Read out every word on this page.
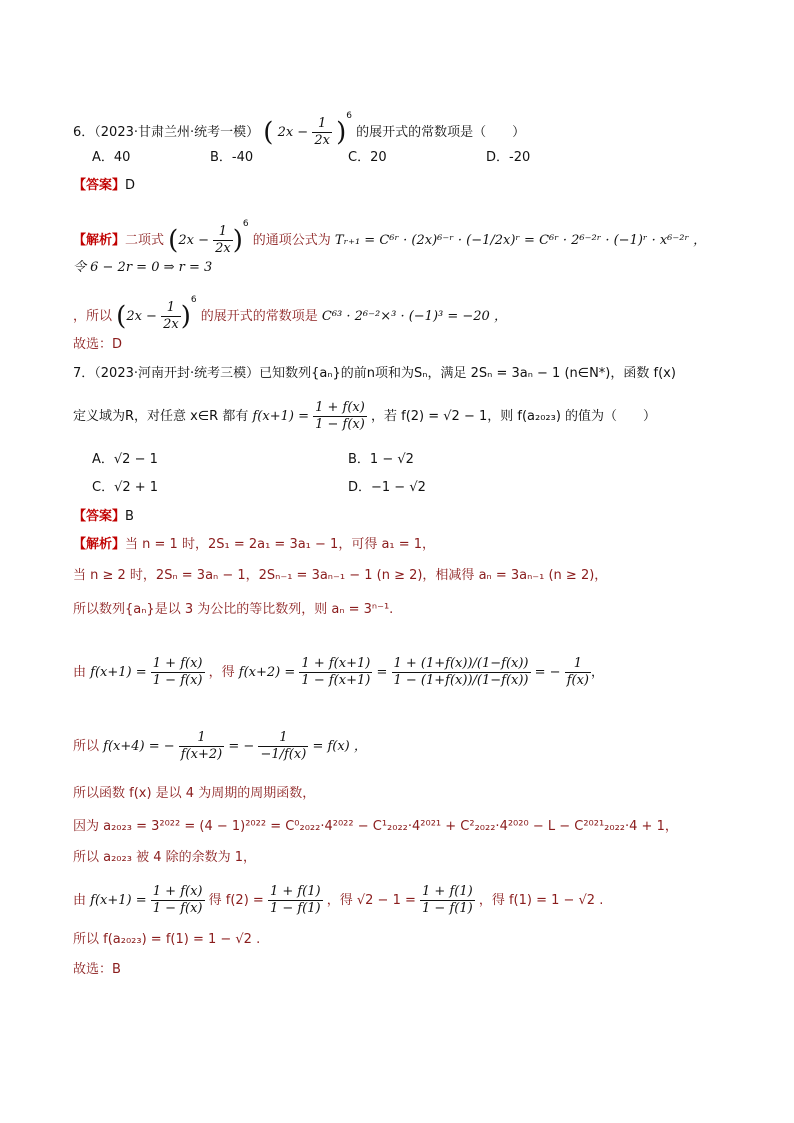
6．（2023·甘肃兰州·统考一模） ( $2x - \frac{1}{2x} )^6$ 的展开式的常数项是（　　）
A．40	B．-40	C．20	D．-20
【答案】D
【解析】二项式 $(2x - \frac{1}{2x} )^6$ 的通项公式为 Tᵣ₊₁ = C⁶ʳ · (2x)⁶⁻ʳ · (−1/2x)ʳ = C⁶ʳ · 2⁶⁻²ʳ · (−1)ʳ · x⁶⁻²ʳ ，
令 6 − 2r = 0 ⇒ r = 3
，所以 $(2x - \frac{1}{2x} )^6$ 的展开式的常数项是 C⁶³ · 2⁶⁻²×³ · (−1)³ = −20 ，
故选：D
7．（2023·河南开封·统考三模）已知数列{aₙ}的前n项和为Sₙ，满足 2Sₙ = 3aₙ − 1 (n∈N*)，函数 f(x)
定义域为R，对任意 x∈R 都有 $f(x+1) = \frac{1 + f(x)}{1 - f(x)}$ ，若 f(2) = √2 − 1，则 f(a₂₀₂₃) 的值为（　　）
A．√2 − 1	B．1 − √2
C．√2 + 1	D．−1 − √2
【答案】B
【解析】当 n = 1 时，2S₁ = 2a₁ = 3a₁ − 1，可得 a₁ = 1，
当 n ≥ 2 时，2Sₙ = 3aₙ − 1，2Sₙ₋₁ = 3aₙ₋₁ − 1 (n ≥ 2)，相减得 aₙ = 3aₙ₋₁ (n ≥ 2)，
所以数列{aₙ}是以 3 为公比的等比数列，则 aₙ = 3ⁿ⁻¹.
由 $f(x+1) = \frac{1 + f(x)}{1 - f(x)}$ ，得 $f(x+2) = \frac{1 + f(x+1)}{1 - f(x+1)} = \frac{1 + (1+f(x))/(1-f(x))}{1 - (1+f(x))/(1-f(x))}$ = − $\frac{1}{f(x)}$ ，
所以 f(x+4) = − $\frac{1}{f(x+2)}$ = − $\frac{1}{-1/f(x)} = f(x)$ ，
所以函数 f(x) 是以 4 为周期的周期函数，
因为 a₂₀₂₃ = 3²⁰²² = (4 − 1)²⁰²² = C⁰₂₀₂₂·4²⁰²² − C¹₂₀₂₂·4²⁰²¹ + C²₂₀₂₂·4²⁰²⁰ − L − C²⁰²¹₂₀₂₂·4 + 1，
所以 a₂₀₂₃ 被 4 除的余数为 1，
由 $f(x+1) = \frac{1 + f(x)}{1 - f(x)}$ 得 $f(2) = \frac{1 + f(1)}{1 - f(1)}$ ，得 $√2 - 1 = \frac{1 + f(1)}{1 - f(1)}$ ，得 f(1) = 1 − √2 .
所以 f(a₂₀₂₃) = f(1) = 1 − √2 .
故选：B
